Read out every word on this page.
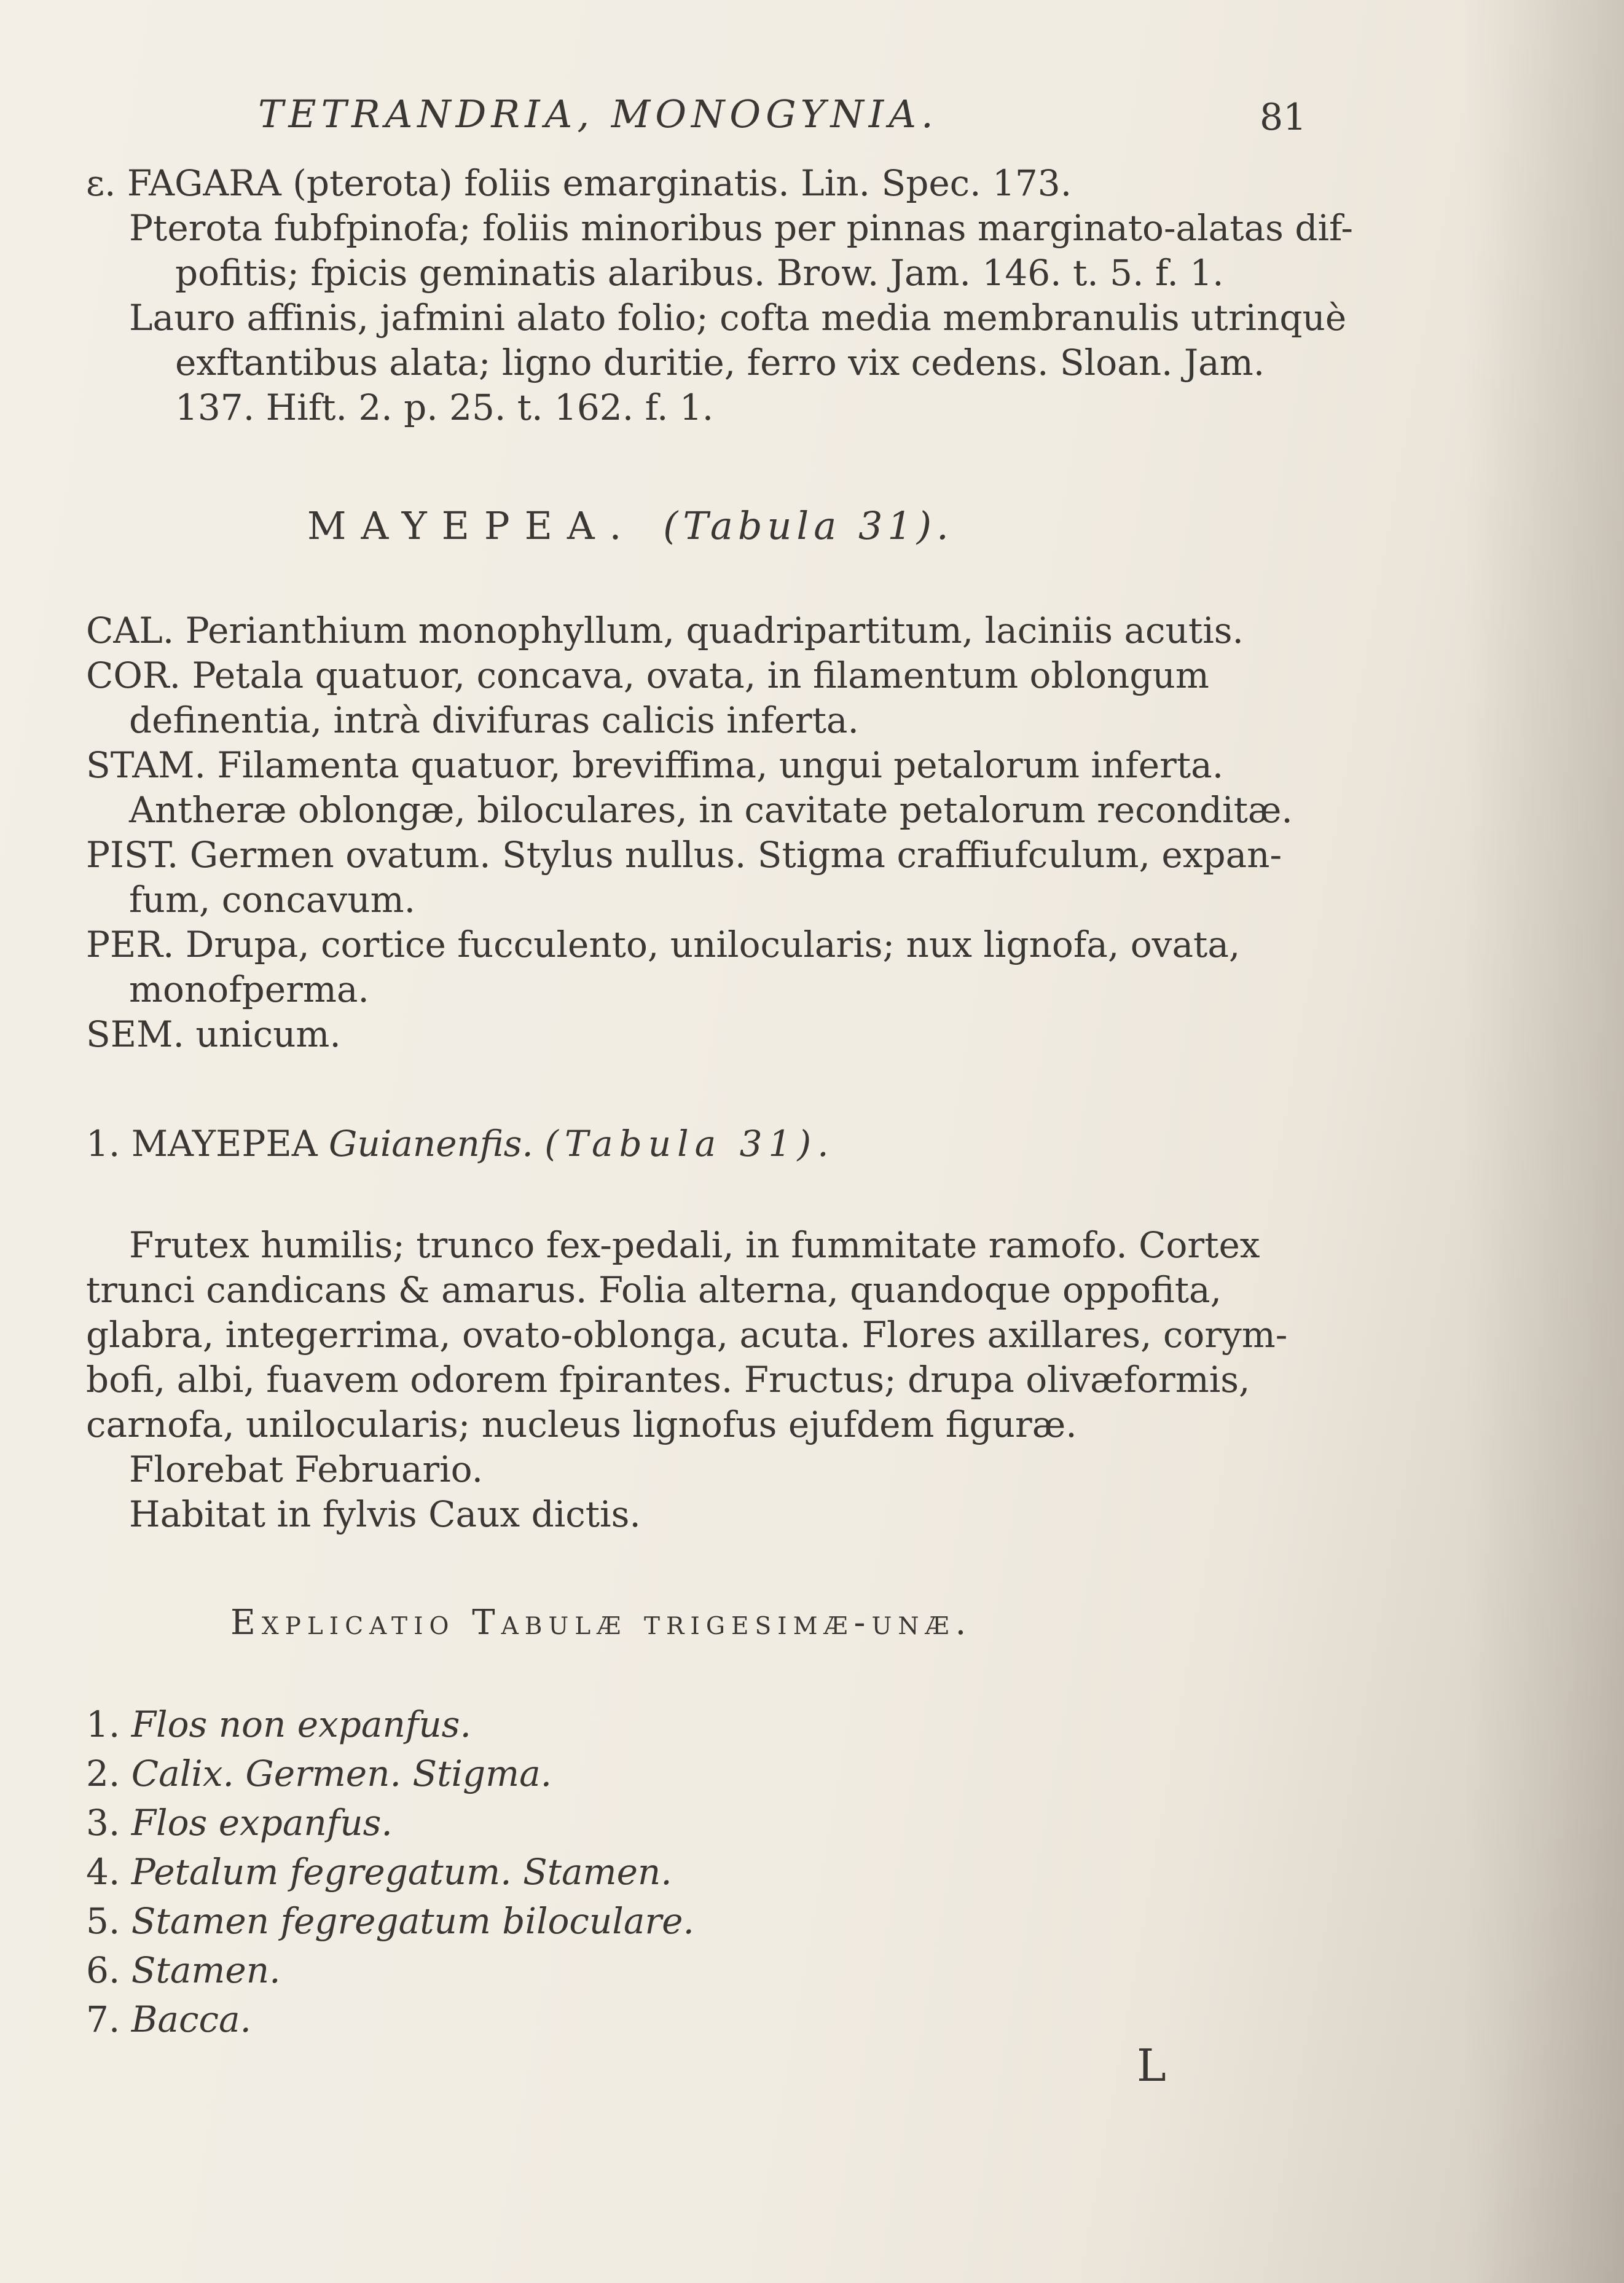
TETRANDRIA, MONOGYNIA.	81
ε. FAGARA (pterota) foliis emarginatis. Lin. Spec. 173.
Pterota fubfpinofa; foliis minoribus per pinnas marginato-alatas dif-
pofitis; fpicis geminatis alaribus. Brow. Jam. 146. t. 5. f. 1.
Lauro affinis, jafmini alato folio; cofta media membranulis utrinquè
exftantibus alata; ligno duritie, ferro vix cedens. Sloan. Jam.
137. Hift. 2. p. 25. t. 162. f. 1.
MAYEPEA. (Tabula 31).
CAL. Perianthium monophyllum, quadripartitum, laciniis acutis.
COR. Petala quatuor, concava, ovata, in filamentum oblongum
definentia, intrà divifuras calicis inferta.
STAM. Filamenta quatuor, breviffima, ungui petalorum inferta.
Antheræ oblongæ, biloculares, in cavitate petalorum reconditæ.
PIST. Germen ovatum. Stylus nullus. Stigma craffiufculum, expan-
fum, concavum.
PER. Drupa, cortice fucculento, unilocularis; nux lignofa, ovata,
monofperma.
SEM. unicum.
1. MAYEPEA Guianenfis. (Tabula 31).
Frutex humilis; trunco fex-pedali, in fummitate ramofo. Cortex
trunci candicans & amarus. Folia alterna, quandoque oppofita,
glabra, integerrima, ovato-oblonga, acuta. Flores axillares, corym-
bofi, albi, fuavem odorem fpirantes. Fructus; drupa olivæformis,
carnofa, unilocularis; nucleus lignofus ejufdem figuræ.
Florebat Februario.
Habitat in fylvis Caux dictis.
Explicatio Tabulæ trigesimæ-unæ.
1. Flos non expanfus.
2. Calix. Germen. Stigma.
3. Flos expanfus.
4. Petalum fegregatum. Stamen.
5. Stamen fegregatum biloculare.
6. Stamen.
7. Bacca.
L
